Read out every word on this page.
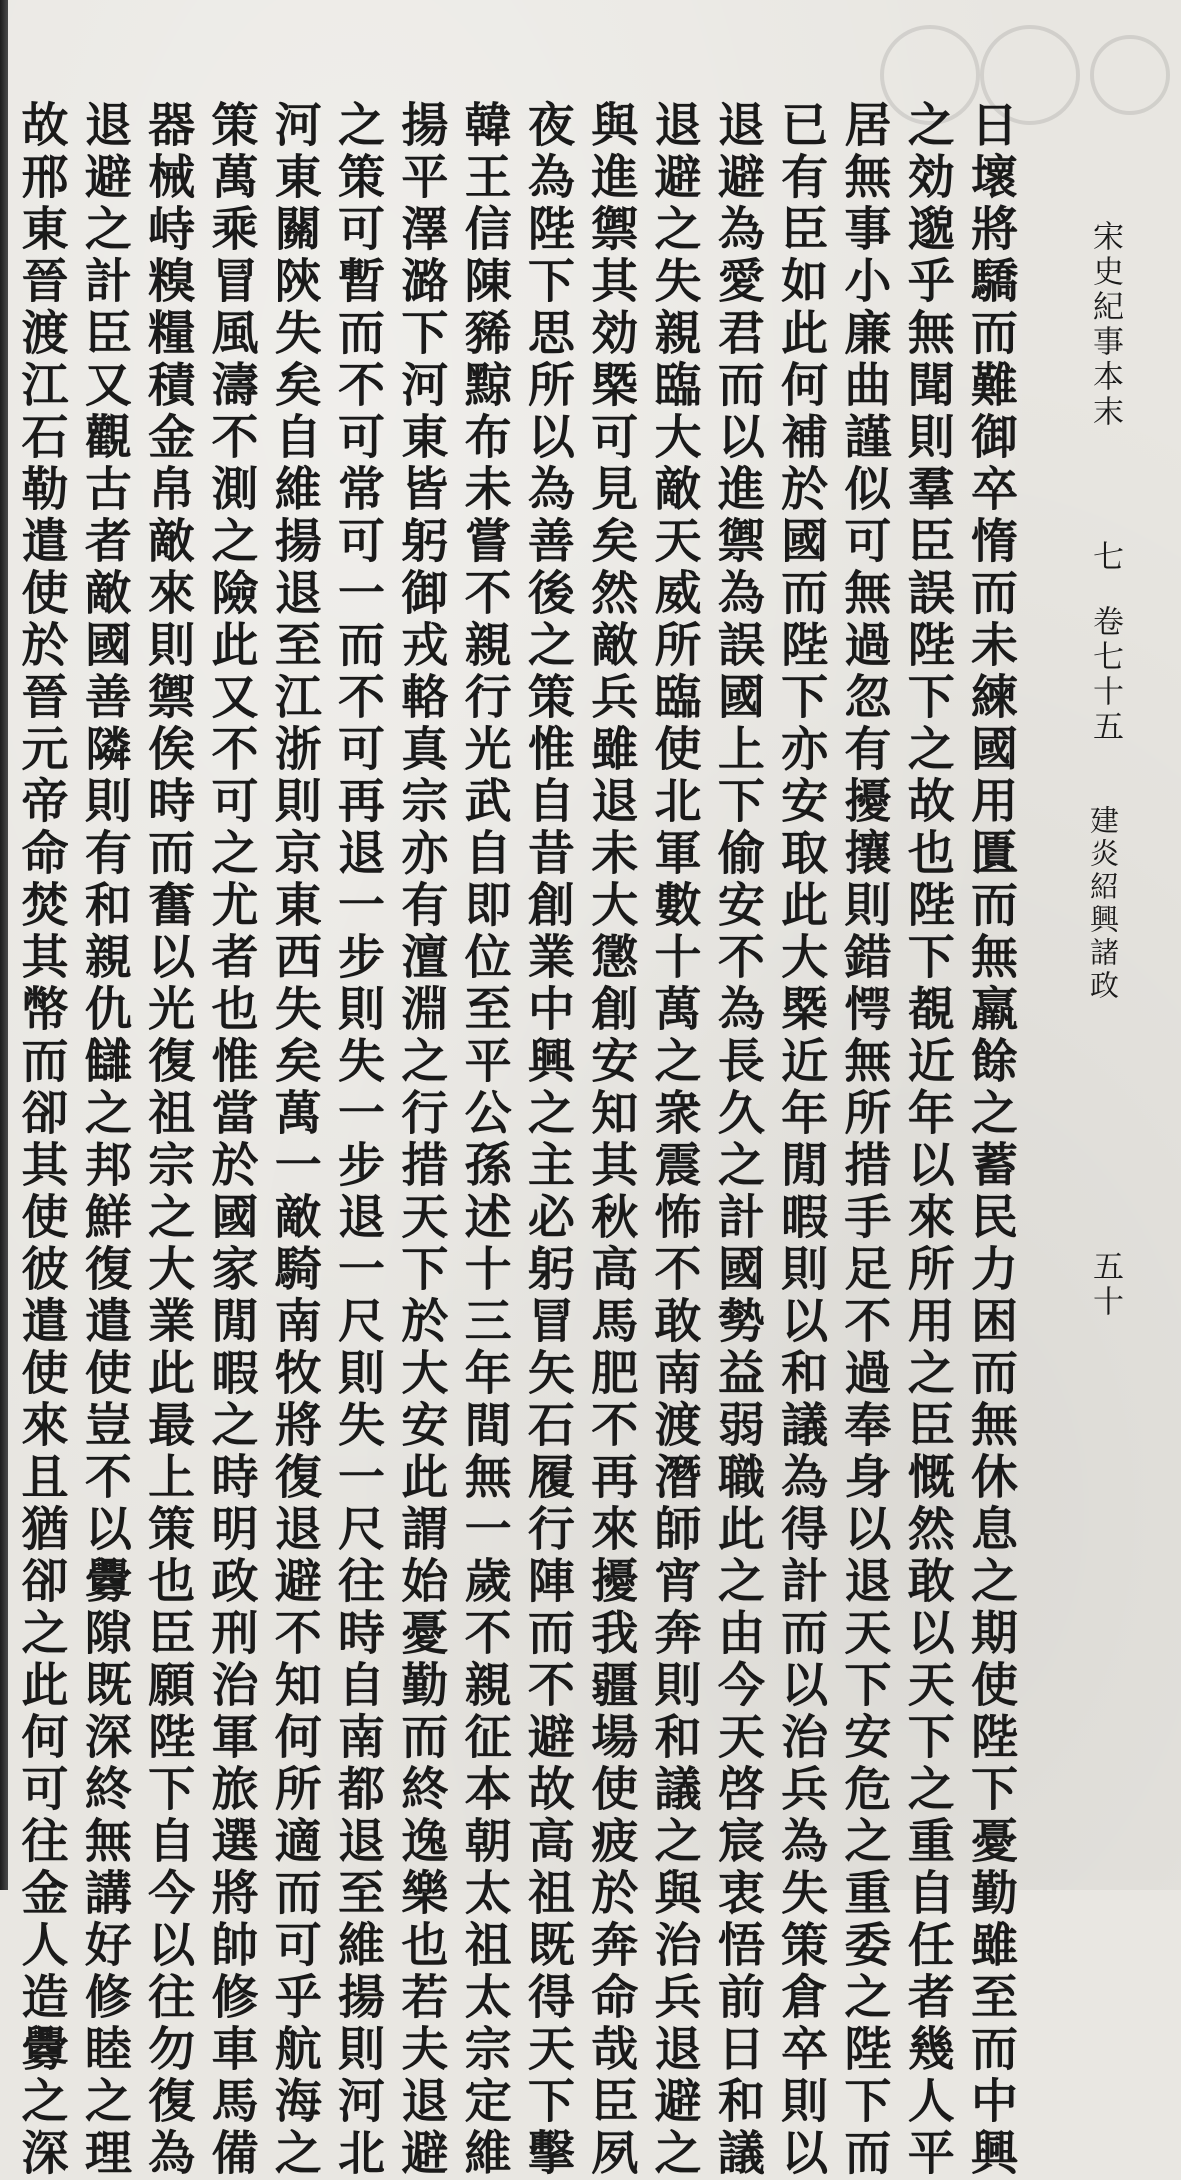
宋史紀事本末
七
卷七十五
建炎紹興諸政
五十
日壞將驕而難御卒惰而未練國用匱而無羸餘之蓄民力困而無休息之期使陛下憂勤雖至而中興
之効邈乎無聞則羣臣誤陛下之故也陛下覩近年以來所用之臣慨然敢以天下之重自任者幾人平
居無事小廉曲謹似可無過忽有擾攘則錯愕無所措手足不過奉身以退天下安危之重委之陛下而
已有臣如此何補於國而陛下亦安取此大槩近年閒暇則以和議為得計而以治兵為失策倉卒則以
退避為愛君而以進禦為誤國上下偷安不為長久之計國勢益弱職此之由今天啓宸衷悟前日和議
退避之失親臨大敵天威所臨使北軍數十萬之衆震怖不敢南渡潛師宵奔則和議之與治兵退避之
與進禦其効槩可見矣然敵兵雖退未大懲創安知其秋高馬肥不再來擾我疆場使疲於奔命哉臣夙
夜為陛下思所以為善後之策惟自昔創業中興之主必躬冒矢石履行陣而不避故高祖既得天下擊
韓王信陳豨黥布未嘗不親行光武自即位至平公孫述十三年間無一歲不親征本朝太祖太宗定維
揚平澤潞下河東皆躬御戎輅真宗亦有澶淵之行措天下於大安此謂始憂勤而終逸樂也若夫退避
之策可暫而不可常可一而不可再退一步則失一步退一尺則失一尺往時自南都退至維揚則河北
河東關陝失矣自維揚退至江浙則京東西失矣萬一敵騎南牧將復退避不知何所適而可乎航海之
策萬乘冒風濤不測之險此又不可之尤者也惟當於國家閒暇之時明政刑治軍旅選將帥修車馬備
器械峙糗糧積金帛敵來則禦俟時而奮以光復祖宗之大業此最上策也臣願陛下自今以往勿復為
退避之計臣又觀古者敵國善隣則有和親仇讎之邦鮮復遣使豈不以釁隙既深終無講好修睦之理
故邢東晉渡江石勒遣使於晉元帝命焚其幣而卻其使彼遣使來且猶卻之此何可往金人造釁之深
